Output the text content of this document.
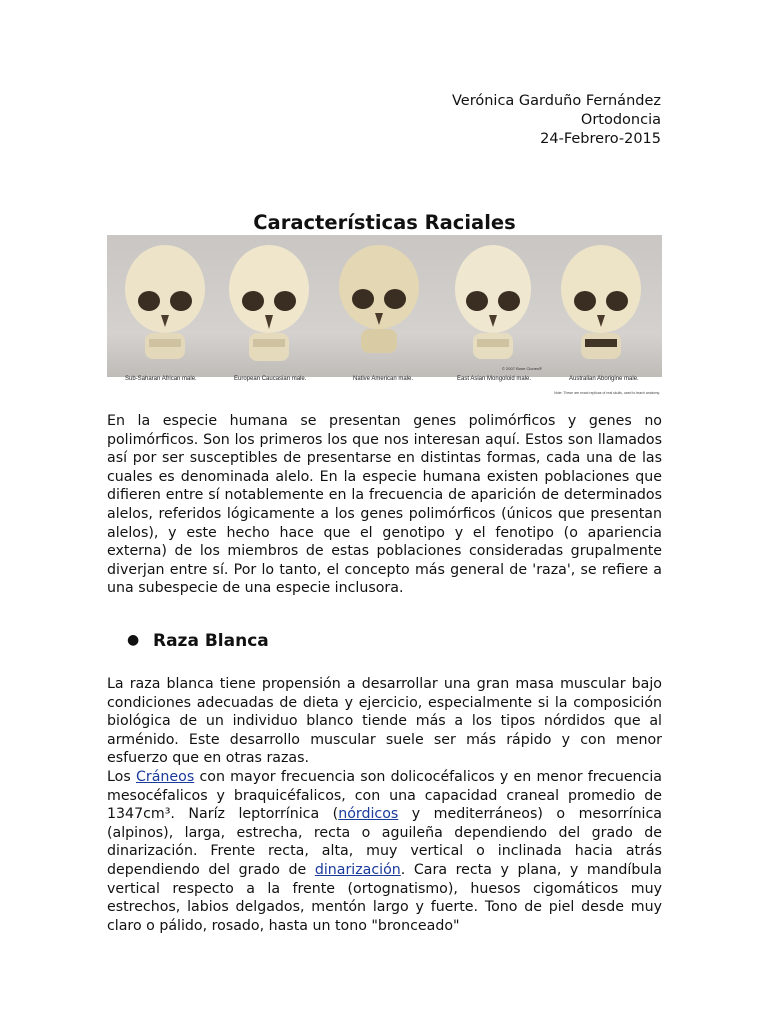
Verónica Garduño Fernández
Ortodoncia
24-Febrero-2015
Características Raciales
© 2007 Bone Clones®
Sub-Saharan African male.	European Caucasian male.	Native American male.	East Asian Mongoloid male.	Australian Aborigine male.
Note: These are exact replicas of real skulls, used to teach anatomy.

En la especie humana se presentan genes polimórficos y genes no polimórficos. Son los primeros los que nos interesan aquí. Estos son llamados así por ser susceptibles de presentarse en distintas formas, cada una de las cuales es denominada alelo. En la especie humana existen poblaciones que difieren entre sí notablemente en la frecuencia de aparición de determinados alelos, referidos lógicamente a los genes polimórficos (únicos que presentan alelos), y este hecho hace que el genotipo y el fenotipo (o apariencia externa) de los miembros de estas poblaciones consideradas grupalmente diverjan entre sí. Por lo tanto, el concepto más general de 'raza', se refiere a una subespecie de una especie inclusora.

● Raza Blanca
La raza blanca tiene propensión a desarrollar una gran masa muscular bajo condiciones adecuadas de dieta y ejercicio, especialmente si la composición biológica de un individuo blanco tiende más a los tipos nórdidos que al arménido. Este desarrollo muscular suele ser más rápido y con menor esfuerzo que en otras razas.
Los Cráneos con mayor frecuencia son dolicocéfalicos y en menor frecuencia mesocéfalicos y braquicéfalicos, con una capacidad craneal promedio de 1347cm³. Naríz leptorrínica (nórdicos y mediterráneos) o mesorrínica (alpinos), larga, estrecha, recta o aguileña dependiendo del grado de dinarización. Frente recta, alta, muy vertical o inclinada hacia atrás dependiendo del grado de dinarización. Cara recta y plana, y mandíbula vertical respecto a la frente (ortognatismo), huesos cigomáticos muy estrechos, labios delgados, mentón largo y fuerte. Tono de piel desde muy claro o pálido, rosado, hasta un tono "bronceado"
